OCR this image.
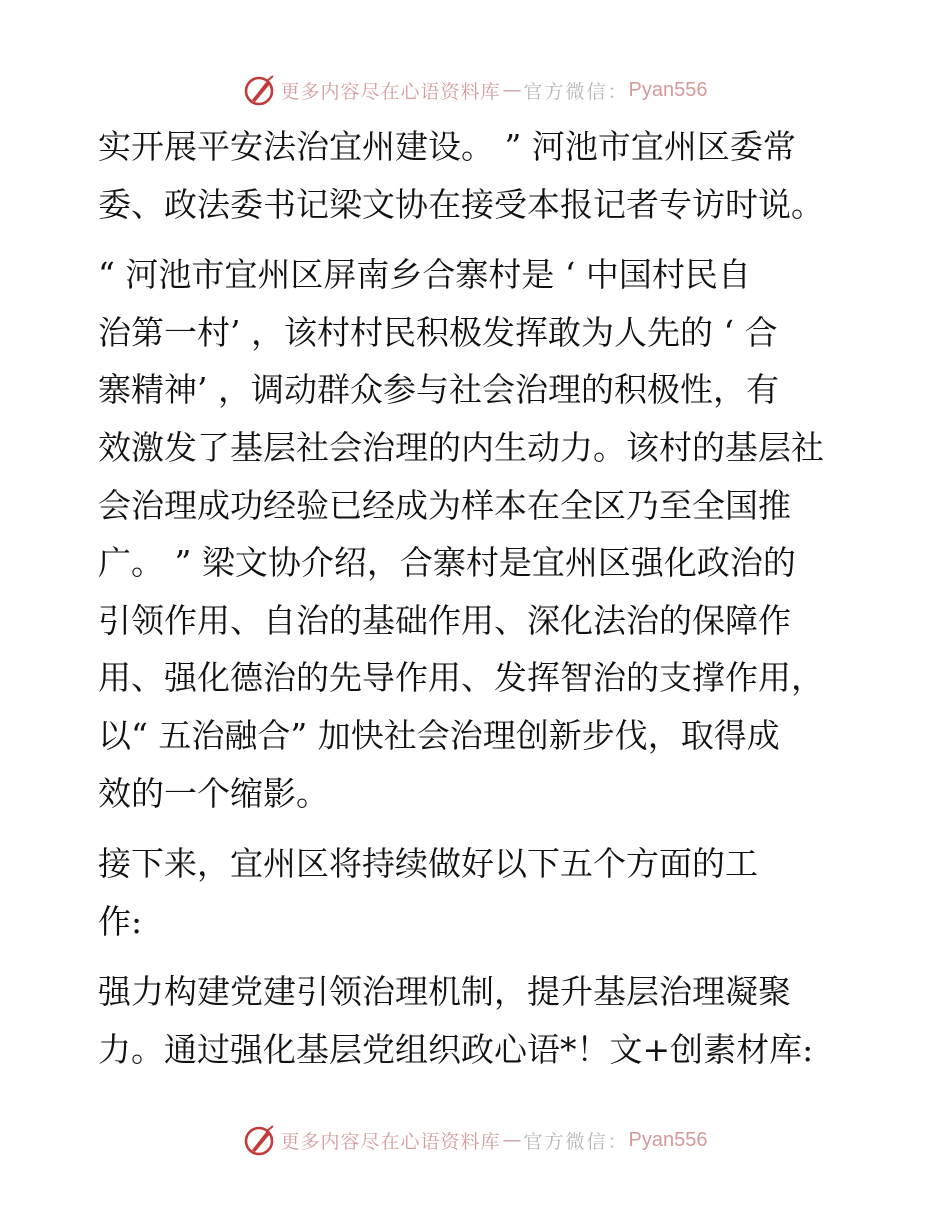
更多内容尽在心语资料库 — 官方微信： Pyan556
实开展平安法治宜州建设。 ” 河池市宜州区委常
委、政法委书记梁文协在接受本报记者专访时说。
“ 河池市宜州区屏南乡合寨村是 ‘ 中国村民自
治第一村’ ，该村村民积极发挥敢为人先的 ‘ 合
寨精神’ ，调动群众参与社会治理的积极性，有
效激发了基层社会治理的内生动力。该村的基层社
会治理成功经验已经成为样本在全区乃至全国推
广。 ” 梁文协介绍，合寨村是宜州区强化政治的
引领作用、自治的基础作用、深化法治的保障作
用、强化德治的先导作用、发挥智治的支撑作用，
以“ 五治融合” 加快社会治理创新步伐，取得成
效的一个缩影。
接下来，宜州区将持续做好以下五个方面的工
作:
强力构建党建引领治理机制，提升基层治理凝聚
力。通过强化基层党组织政心语*！文+创素材库:
更多内容尽在心语资料库 — 官方微信： Pyan556
